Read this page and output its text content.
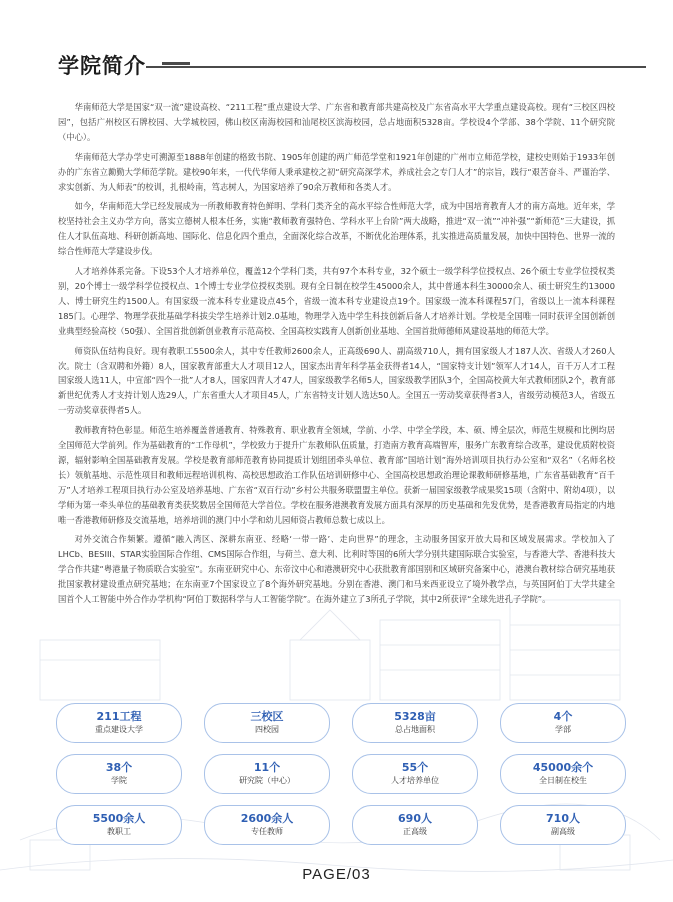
学院简介

华南师范大学是国家“双一流”建设高校、“211工程”重点建设大学、广东省和教育部共建高校及广东省高水平大学重点建设高校。现有“三校区四校园”，包括广州校区石牌校园、大学城校园，佛山校区南海校园和汕尾校区滨海校园，总占地面积5328亩。学校设4个学部、38个学院、11个研究院（中心）。

华南师范大学办学史可溯源至1888年创建的格致书院、1905年创建的两广师范学堂和1921年创建的广州市立师范学校，建校史则始于1933年创办的广东省立勷勤大学师范学院。建校90年来，一代代华师人秉承建校之初“研究高深学术，养成社会之专门人才”的宗旨，践行“艰苦奋斗、严谨治学、求实创新、为人师表”的校训，扎根岭南，笃志树人，为国家培养了90余万教师和各类人才。

如今，华南师范大学已经发展成为一所教师教育特色鲜明、学科门类齐全的高水平综合性师范大学，成为中国培育教育人才的南方高地。近年来，学校坚持社会主义办学方向，落实立德树人根本任务，实施“教师教育强特色、学科水平上台阶”两大战略，推进“双一流”“冲补强”“新师范”三大建设，抓住人才队伍高地、科研创新高地、国际化、信息化四个重点，全面深化综合改革，不断优化治理体系，扎实推进高质量发展，加快中国特色、世界一流的综合性师范大学建设步伐。

人才培养体系完备。下设53个人才培养单位，覆盖12个学科门类，共有97个本科专业，32个硕士一级学科学位授权点、26个硕士专业学位授权类别，20个博士一级学科学位授权点、1个博士专业学位授权类别。现有全日制在校学生45000余人，其中普通本科生30000余人、硕士研究生约13000人、博士研究生约1500人。有国家级一流本科专业建设点45个，省级一流本科专业建设点19个。国家级一流本科课程57门，省级以上一流本科课程185门。心理学、物理学获批基础学科拔尖学生培养计划2.0基地，物理学入选中学生科技创新后备人才培养计划。学校是全国唯一同时获评全国创新创业典型经验高校（50强）、全国首批创新创业教育示范高校、全国高校实践育人创新创业基地、全国首批师德师风建设基地的师范大学。

师资队伍结构良好。现有教职工5500余人，其中专任教师2600余人，正高级690人、副高级710人，拥有国家级人才187人次、省级人才260人次。院士（含双聘和外籍）8人，国家教育部重大人才项目12人，国家杰出青年科学基金获得者14人，“国家特支计划”领军人才14人，百千万人才工程国家级人选11人，中宣部“四个一批”人才8人，国家四青人才47人，国家级教学名师5人，国家级教学团队3个，全国高校黄大年式教师团队2个，教育部新世纪优秀人才支持计划人选29人，广东省重大人才项目45人，广东省特支计划人选达50人。全国五一劳动奖章获得者3人，省级劳动模范3人，省级五一劳动奖章获得者5人。

教师教育特色彰显。师范生培养覆盖普通教育、特殊教育、职业教育全领域，学前、小学、中学全学段，本、硕、博全层次，师范生规模和比例均居全国师范大学前列。作为基础教育的“工作母机”，学校致力于提升广东教师队伍质量，打造南方教育高端智库，服务广东教育综合改革，建设优质附校资源，辐射影响全国基础教育发展。学校是教育部师范教育协同提质计划组团牵头单位、教育部“国培计划”海外培训项目执行办公室和“双名”（名师名校长）领航基地、示范性项目和教师远程培训机构、高校思想政治工作队伍培训研修中心、全国高校思想政治理论课教师研修基地，广东省基础教育“百千万”人才培养工程项目执行办公室及培养基地、广东省“双百行动”乡村公共服务联盟盟主单位。获新一届国家级教学成果奖15项（含附中、附幼4项），以学师为第一牵头单位的基础教育类获奖数居全国师范大学首位。学校在服务港澳教育发展方面具有深厚的历史基础和先发优势，是香港教育局指定的内地唯一香港教师研修及交流基地，培养培训的澳门中小学和幼儿园师资占教师总数七成以上。

对外交流合作频繁。遵循“融入湾区、深耕东南亚、经略‘一带一路’、走向世界”的理念，主动服务国家开放大局和区域发展需求。学校加入了LHCb、BESIII、STAR实验国际合作组、CMS国际合作组，与荷兰、意大利、比利时等国的6所大学分别共建国际联合实验室，与香港大学、香港科技大学合作共建“粤港量子物质联合实验室”。东南亚研究中心、东帝汶中心和港澳研究中心获批教育部国别和区域研究备案中心，港澳台教材综合研究基地获批国家教材建设重点研究基地；在东南亚7个国家设立了8个海外研究基地。分别在香港、澳门和马来西亚设立了境外教学点，与英国阿伯丁大学共建全国首个人工智能中外合作办学机构“阿伯丁数据科学与人工智能学院”。在海外建立了3所孔子学院，其中2所获评“全球先进孔子学院”。

211工程
重点建设大学
三校区
四校园
5328亩
总占地面积
4个
学部
38个
学院
11个
研究院（中心）
55个
人才培养单位
45000余个
全日制在校生
5500余人
教职工
2600余人
专任教师
690人
正高级
710人
副高级
PAGE/03
